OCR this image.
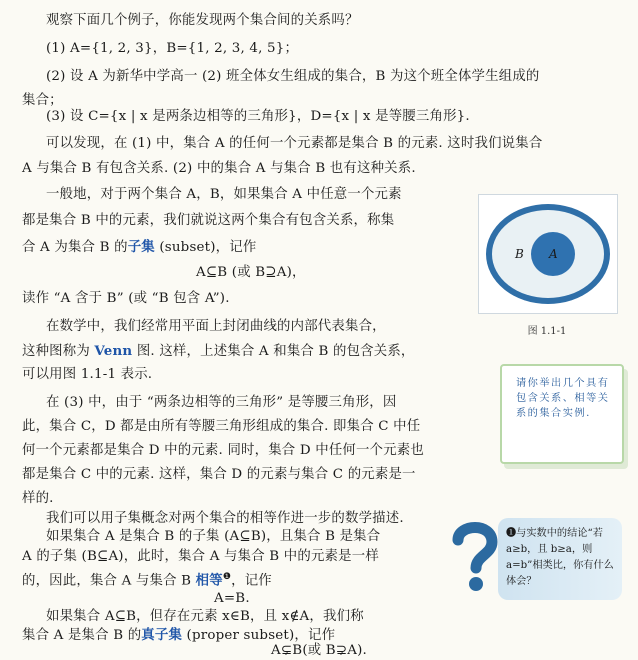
观察下面几个例子，你能发现两个集合间的关系吗？
(1) A={1, 2, 3}，B={1, 2, 3, 4, 5}；
(2) 设 A 为新华中学高一 (2) 班全体女生组成的集合，B 为这个班全体学生组成的
集合；
(3) 设 C={x | x 是两条边相等的三角形}，D={x | x 是等腰三角形}.
可以发现，在 (1) 中，集合 A 的任何一个元素都是集合 B 的元素. 这时我们说集合
A 与集合 B 有包含关系. (2) 中的集合 A 与集合 B 也有这种关系.
一般地，对于两个集合 A，B，如果集合 A 中任意一个元素
都是集合 B 中的元素，我们就说这两个集合有包含关系，称集
合 A 为集合 B 的子集 (subset)，记作
A⊆B (或 B⊇A)，
读作 “A 含于 B” (或 “B 包含 A”).
在数学中，我们经常用平面上封闭曲线的内部代表集合，
这种图称为 Venn 图. 这样，上述集合 A 和集合 B 的包含关系，
可以用图 1.1-1 表示.
在 (3) 中，由于 “两条边相等的三角形” 是等腰三角形，因
此，集合 C，D 都是由所有等腰三角形组成的集合. 即集合 C 中任
何一个元素都是集合 D 中的元素. 同时，集合 D 中任何一个元素也
都是集合 C 中的元素. 这样，集合 D 的元素与集合 C 的元素是一
样的.
我们可以用子集概念对两个集合的相等作进一步的数学描述.
如果集合 A 是集合 B 的子集 (A⊆B)，且集合 B 是集合
A 的子集 (B⊆A)，此时，集合 A 与集合 B 中的元素是一样
的，因此，集合 A 与集合 B 相等$^❶$，记作
A=B.
如果集合 A⊆B，但存在元素 x∈B，且 x∉A，我们称
集合 A 是集合 B 的真子集 (proper subset)，记作
A⊊B(或 B⊋A).
B A
图 1.1-1
请你举出几个具有包含关系、相等关系的集合实例.
❶与实数中的结论“若 a≥b，且 b≥a，则 a=b”相类比，你有什么体会？
